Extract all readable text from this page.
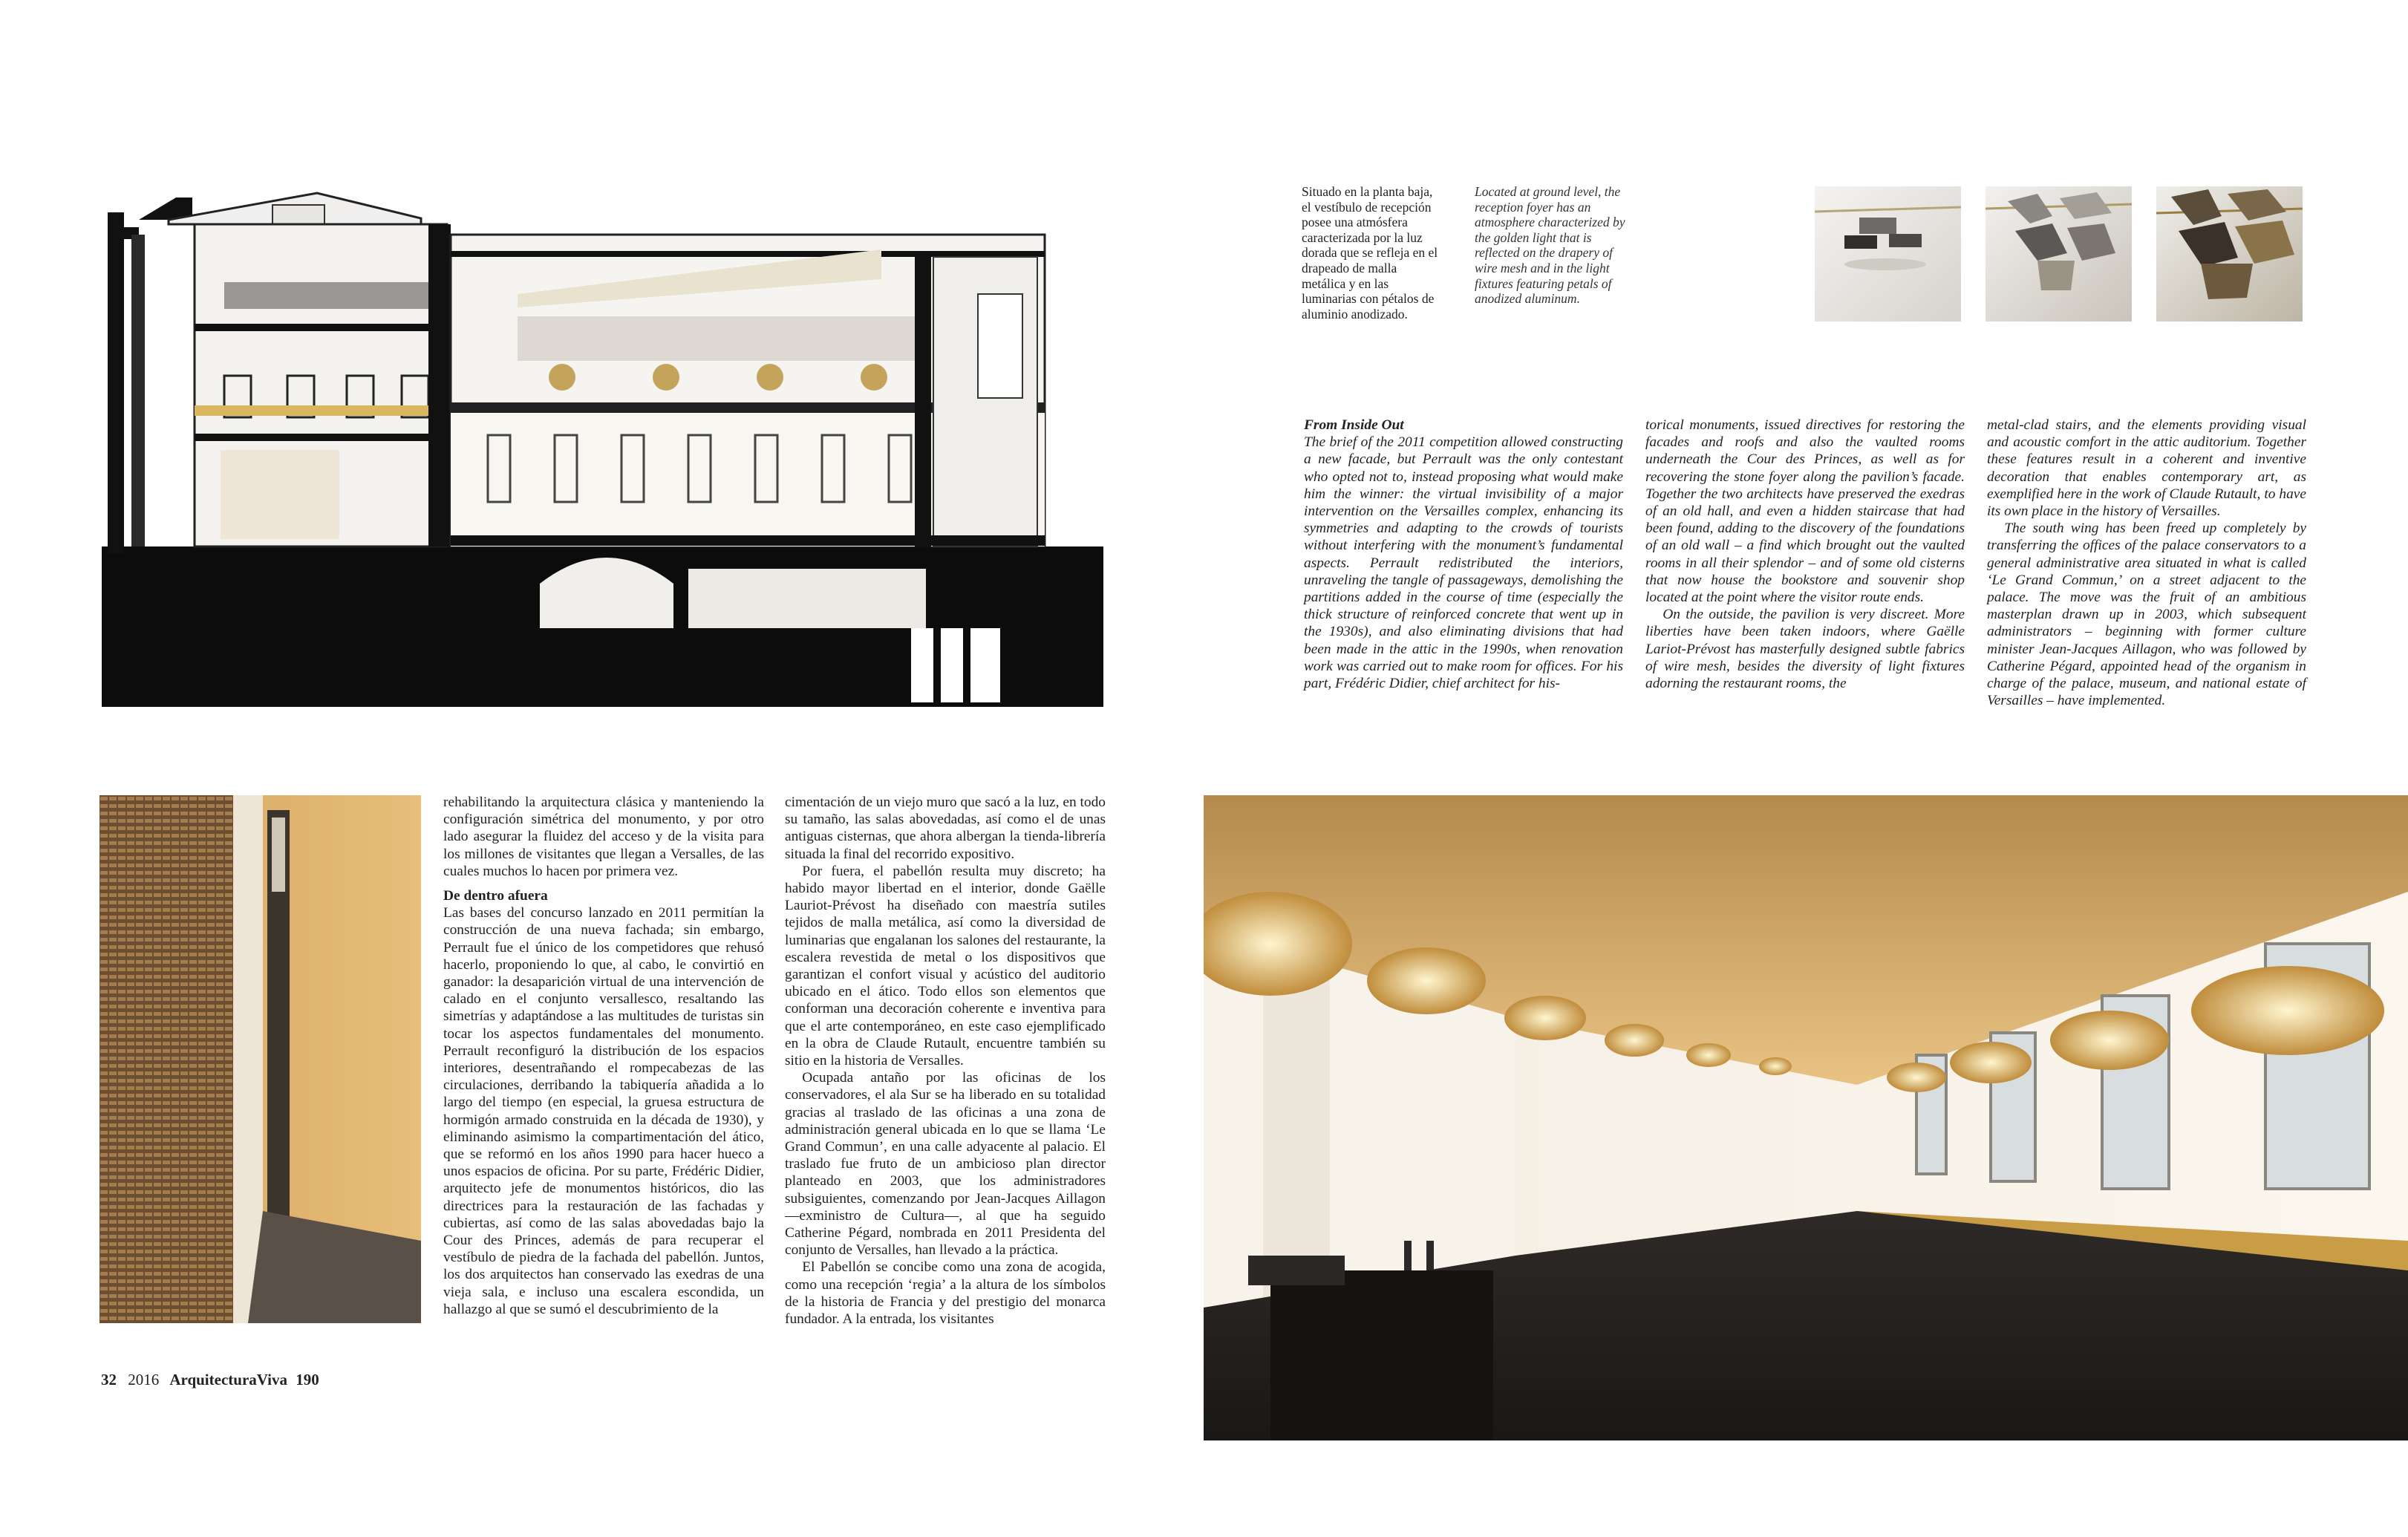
Situado en la planta baja, el vestíbulo de recepción posee una atmósfera caracterizada por la luz dorada que se refleja en el drapeado de malla metálica y en las luminarias con pétalos de aluminio anodizado.

Located at ground level, the reception foyer has an atmosphere characterized by the golden light that is reflected on the drapery of wire mesh and in the light fixtures featuring petals of anodized aluminum.

From Inside Out

The brief of the 2011 competition allowed constructing a new facade, but Perrault was the only contestant who opted not to, instead proposing what would make him the winner: the virtual invisibility of a major intervention on the Versailles complex, enhancing its symmetries and adapting to the crowds of tourists without interfering with the monument’s fundamental aspects. Perrault redistributed the interiors, unraveling the tangle of passageways, demolishing the partitions added in the course of time (especially the thick structure of reinforced concrete that went up in the 1930s), and also eliminating divisions that had been made in the attic in the 1990s, when renovation work was carried out to make room for offices. For his part, Frédéric Didier, chief architect for his-

torical monuments, issued directives for restoring the facades and roofs and also the vaulted rooms underneath the Cour des Princes, as well as for recovering the stone foyer along the pavilion’s facade. Together the two architects have preserved the exedras of an old hall, and even a hidden staircase that had been found, adding to the discovery of the foundations of an old wall – a find which brought out the vaulted rooms in all their splendor – and of some old cisterns that now house the bookstore and souvenir shop located at the point where the visitor route ends.

On the outside, the pavilion is very discreet. More liberties have been taken indoors, where Gaëlle Lariot-Prévost has masterfully designed subtle fabrics of wire mesh, besides the diversity of light fixtures adorning the restaurant rooms, the

metal-clad stairs, and the elements providing visual and acoustic comfort in the attic auditorium. Together these features result in a coherent and inventive decoration that enables contemporary art, as exemplified here in the work of Claude Rutault, to have its own place in the history of Versailles.

The south wing has been freed up completely by transferring the offices of the palace conservators to a general administrative area situated in what is called ‘Le Grand Commun,’ on a street adjacent to the palace. The move was the fruit of an ambitious masterplan drawn up in 2003, which subsequent administrators – beginning with former culture minister Jean-Jacques Aillagon, who was followed by Catherine Pégard, appointed head of the organism in charge of the palace, museum, and national estate of Versailles – have implemented.

rehabilitando la arquitectura clásica y manteniendo la configuración simétrica del monumento, y por otro lado asegurar la fluidez del acceso y de la visita para los millones de visitantes que llegan a Versalles, de las cuales muchos lo hacen por primera vez.

De dentro afuera

Las bases del concurso lanzado en 2011 permitían la construcción de una nueva fachada; sin embargo, Perrault fue el único de los competidores que rehusó hacerlo, proponiendo lo que, al cabo, le convirtió en ganador: la desaparición virtual de una intervención de calado en el conjunto versallesco, resaltando las simetrías y adaptándose a las multitudes de turistas sin tocar los aspectos fundamentales del monumento. Perrault reconfiguró la distribución de los espacios interiores, desentrañando el rompecabezas de las circulaciones, derribando la tabiquería añadida a lo largo del tiempo (en especial, la gruesa estructura de hormigón armado construida en la década de 1930), y eliminando asimismo la compartimentación del ático, que se reformó en los años 1990 para hacer hueco a unos espacios de oficina. Por su parte, Frédéric Didier, arquitecto jefe de monumentos históricos, dio las directrices para la restauración de las fachadas y cubiertas, así como de las salas abovedadas bajo la Cour des Princes, además de para recuperar el vestíbulo de piedra de la fachada del pabellón. Juntos, los dos arquitectos han conservado las exedras de una vieja sala, e incluso una escalera escondida, un hallazgo al que se sumó el descubrimiento de la

cimentación de un viejo muro que sacó a la luz, en todo su tamaño, las salas abovedadas, así como el de unas antiguas cisternas, que ahora albergan la tienda-librería situada la final del recorrido expositivo.

Por fuera, el pabellón resulta muy discreto; ha habido mayor libertad en el interior, donde Gaëlle Lauriot-Prévost ha diseñado con maestría sutiles tejidos de malla metálica, así como la diversidad de luminarias que engalanan los salones del restaurante, la escalera revestida de metal o los dispositivos que garantizan el confort visual y acústico del auditorio ubicado en el ático. Todo ellos son elementos que conforman una decoración coherente e inventiva para que el arte contemporáneo, en este caso ejemplificado en la obra de Claude Rutault, encuentre también su sitio en la historia de Versalles.

Ocupada antaño por las oficinas de los conservadores, el ala Sur se ha liberado en su totalidad gracias al traslado de las oficinas a una zona de administración general ubicada en lo que se llama ‘Le Grand Commun’, en una calle adyacente al palacio. El traslado fue fruto de un ambicioso plan director planteado en 2003, que los administradores subsiguientes, comenzando por Jean-Jacques Aillagon —exministro de Cultura—, al que ha seguido Catherine Pégard, nombrada en 2011 Presidenta del conjunto de Versalles, han llevado a la práctica.

El Pabellón se concibe como una zona de acogida, como una recepción ‘regia’ a la altura de los símbolos de la historia de Francia y del prestigio del monarca fundador. A la entrada, los visitantes

32 2016 ArquitecturaViva 190
